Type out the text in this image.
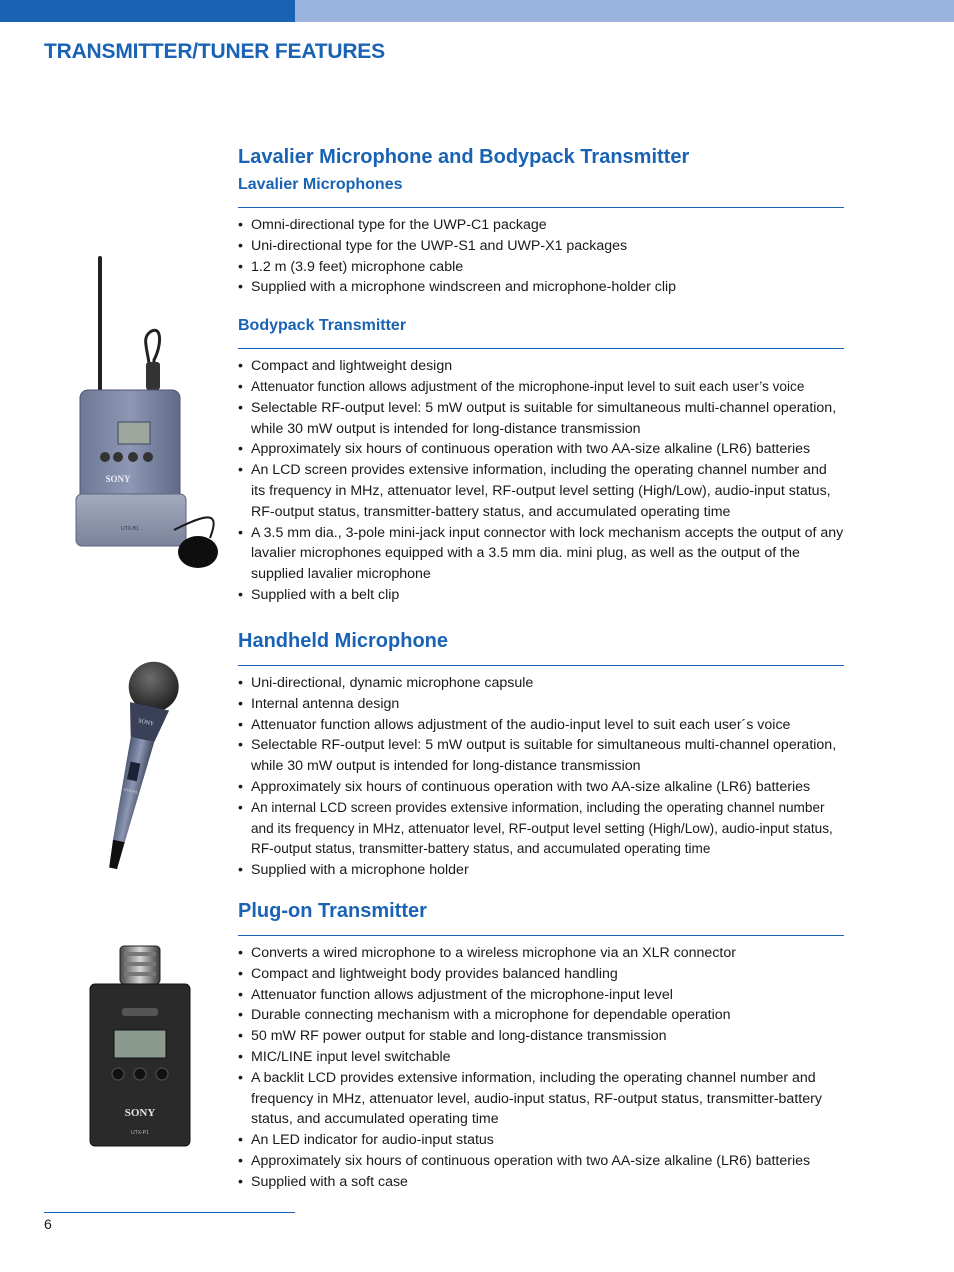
TRANSMITTER/TUNER FEATURES
SONY
UTX-B1
SONY
UTX-H1
SONY
UTX-P1
Lavalier Microphone and Bodypack Transmitter
Lavalier Microphones
• Omni-directional type for the UWP-C1 package
• Uni-directional type for the UWP-S1 and UWP-X1 packages
• 1.2 m (3.9 feet) microphone cable
• Supplied with a microphone windscreen and microphone-holder clip
Bodypack Transmitter
• Compact and lightweight design
• Attenuator function allows adjustment of the microphone-input level to suit each user’s voice
• Selectable RF-output level: 5 mW output is suitable for simultaneous multi-channel operation, while 30 mW output is intended for long-distance transmission
• Approximately six hours of continuous operation with two AA-size alkaline (LR6) batteries
• An LCD screen provides extensive information, including the operating channel number and its frequency in MHz, attenuator level, RF-output level setting (High/Low), audio-input status, RF-output status, transmitter-battery status, and accumulated operating time
• A 3.5 mm dia., 3-pole mini-jack input connector with lock mechanism accepts the output of any lavalier microphones equipped with a 3.5 mm dia. mini plug, as well as the output of the supplied lavalier microphone
• Supplied with a belt clip
Handheld Microphone
• Uni-directional, dynamic microphone capsule
• Internal antenna design
• Attenuator function allows adjustment of the audio-input level to suit each user´s voice
• Selectable RF-output level: 5 mW output is suitable for simultaneous multi-channel operation, while 30 mW output is intended for long-distance transmission
• Approximately six hours of continuous operation with two AA-size alkaline (LR6) batteries
• An internal LCD screen provides extensive information, including the operating channel number and its frequency in MHz, attenuator level, RF-output level setting (High/Low), audio-input status, RF-output status, transmitter-battery status, and accumulated operating time
• Supplied with a microphone holder
Plug-on Transmitter
• Converts a wired microphone to a wireless microphone via an XLR connector
• Compact and lightweight body provides balanced handling
• Attenuator function allows adjustment of the microphone-input level
• Durable connecting mechanism with a microphone for dependable operation
• 50 mW RF power output for stable and long-distance transmission
• MIC/LINE input level switchable
• A backlit LCD provides extensive information, including the operating channel number and frequency in MHz, attenuator level, audio-input status, RF-output status, transmitter-battery status, and accumulated operating time
• An LED indicator for audio-input status
• Approximately six hours of continuous operation with two AA-size alkaline (LR6) batteries
• Supplied with a soft case
6
